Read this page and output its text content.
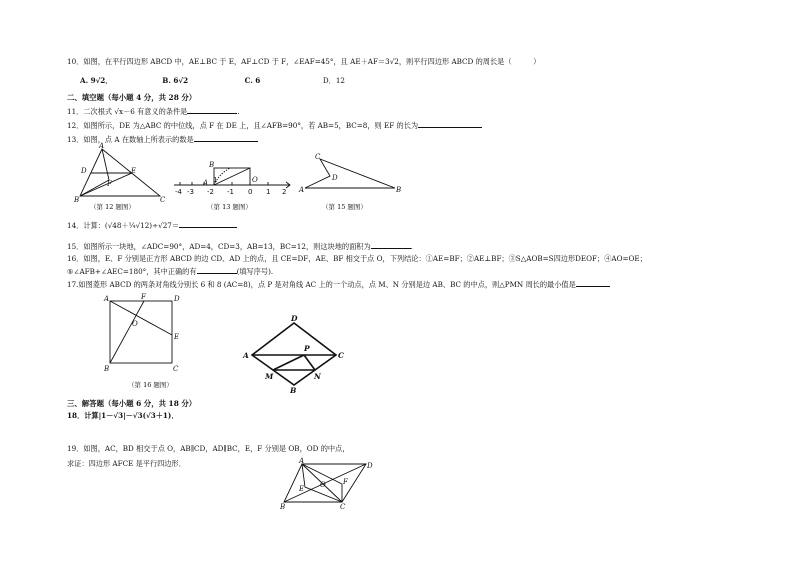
10．如图，在平行四边形 ABCD 中，AE⊥BC 于 E，AF⊥CD 于 F，∠EAF=45°，且 AE＋AF＝3√2，则平行四边形 ABCD 的周长是（　　　）
A. 9√2．	B. 6√2	C. 6	D．12
二、填空题（每小题 4 分，共 28 分）
11．二次根式 √x－6 有意义的条件是	.
12．如图所示，DE 为△ABC 的中位线，点 F 在 DE 上，且∠AFB=90°，若 AB=5，BC=8，则 EF 的长为
13．如图，点 A 在数轴上所表示的数是
A
D	E
F
B	C
（第 12 题图）
B
O
A 1
-4 -3 -2 -1 0 1 2
（第 13 题图）
C
D
A	B
（第 15 题图）
14．计算：(√48＋¼√12)÷√27＝
15．如图所示一块地，∠ADC=90°，AD=4，CD=3，AB=13，BC=12，则这块地的面积为	.
16．如图，E、F 分别是正方形 ABCD 的边 CD、AD 上的点，且 CE=DF，AE、BF 相交于点 O，下列结论：①AE=BF；②AE⊥BF；③S△AOB=S四边形DEOF；④AO=OE；
⑤∠AFB+∠AEC=180°，其中正确的有	(填写序号).
17.如图菱形 ABCD 的两条对角线分别长 6 和 8 (AC=8)，点 P 是对角线 AC 上的一个动点，点 M、N 分别是边 AB、BC 的中点，则△PMN 周长的最小值是
A	F	D
E
O
B	C
（第 16 题图）
D
A	C
P
M	N
B
三、解答题（每小题 6 分，共 18 分）
18．计算|1－√3|－√3(√3＋1)．
19．如图，AC，BD 相交于点 O，AB∥CD，AD∥BC，E，F 分别是 OB，OD 的中点，
求证：四边形 AFCE 是平行四边形．	A
D
O
E
F
B	C
